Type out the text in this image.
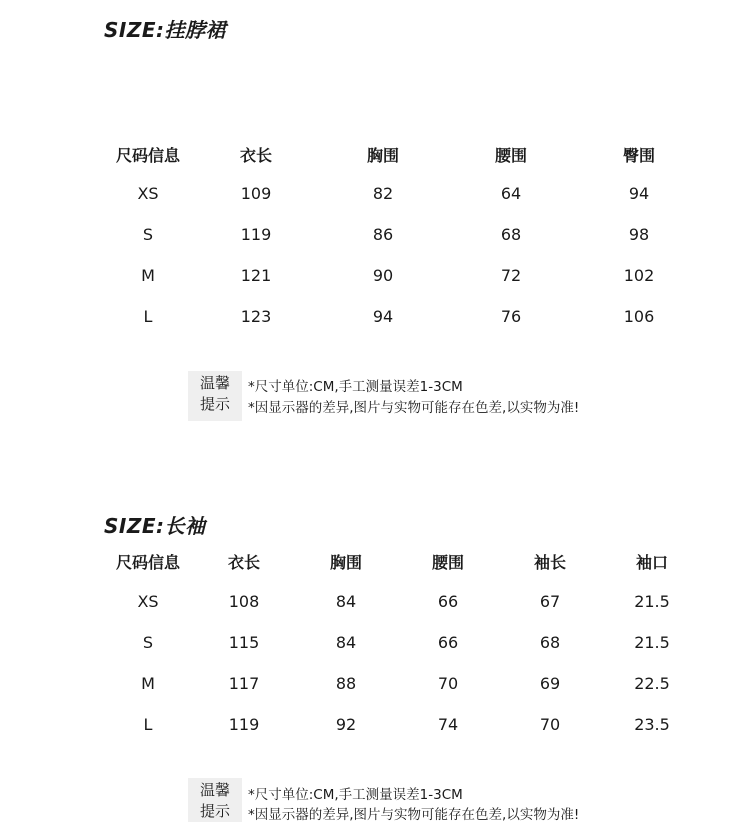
SIZE:挂脖裙
尺码信息	衣长	胸围	腰围	臀围
XS	109	82	64	94
S	119	86	68	98
M	121	90	72	102
L	123	94	76	106
温馨
提示
*尺寸单位:CM,手工测量误差1-3CM
*因显示器的差异,图片与实物可能存在色差,以实物为准!
SIZE:长袖
尺码信息	衣长	胸围	腰围	袖长	袖口
XS	108	84	66	67	21.5
S	115	84	66	68	21.5
M	117	88	70	69	22.5
L	119	92	74	70	23.5
温馨
提示
*尺寸单位:CM,手工测量误差1-3CM
*因显示器的差异,图片与实物可能存在色差,以实物为准!
